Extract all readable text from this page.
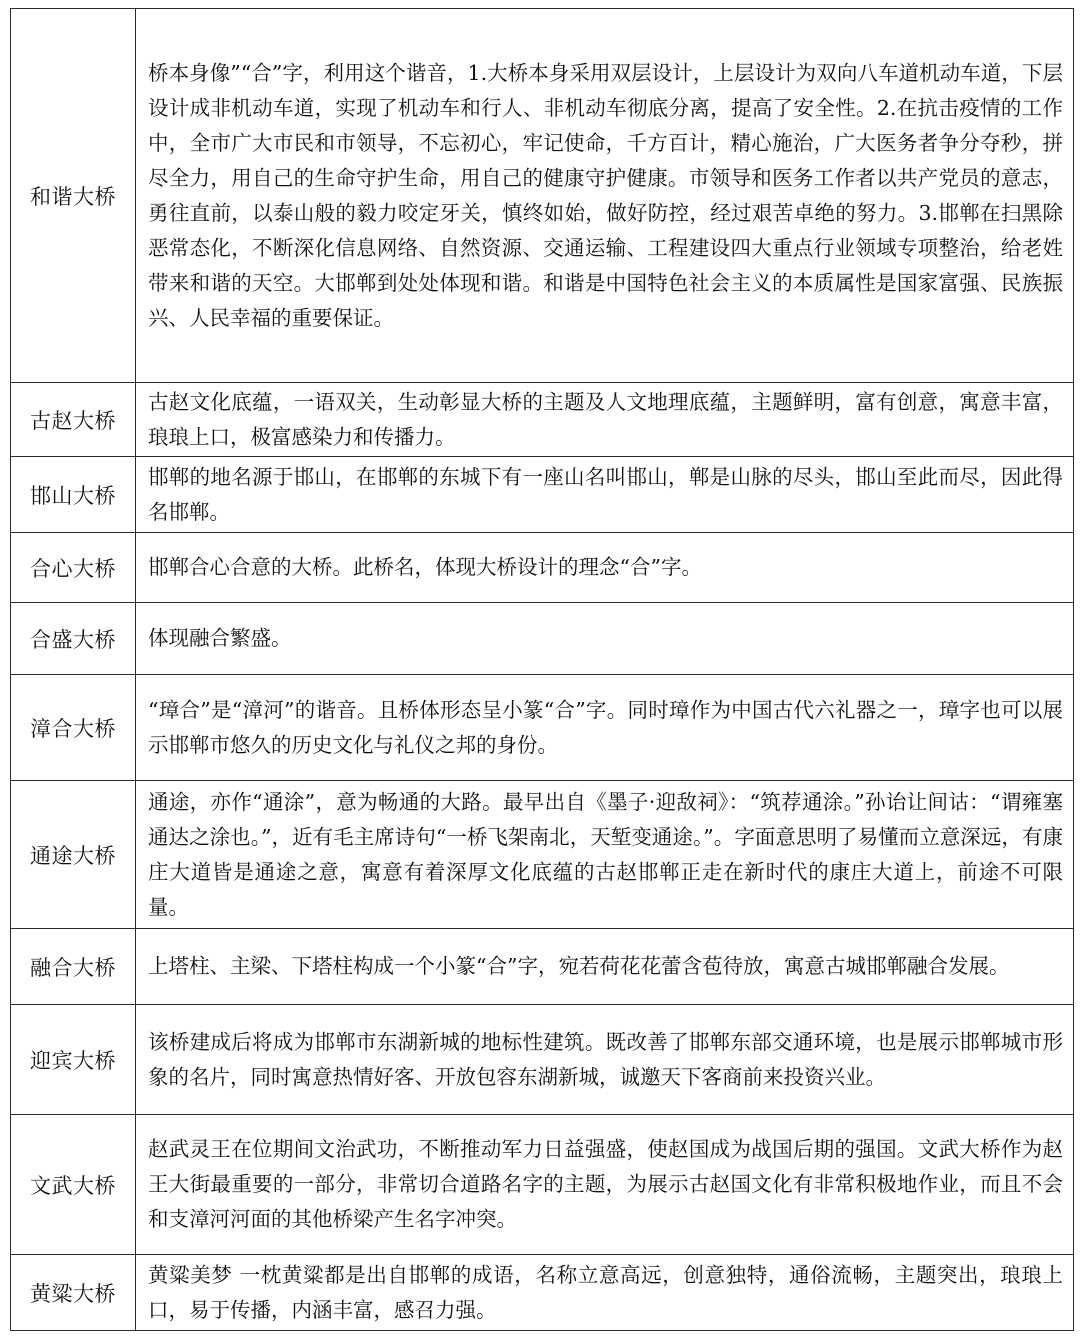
和谐大桥	桥本身像”“合”字，利用这个谐音，1.大桥本身采用双层设计，上层设计为双向八车道机动车道，下层设计成非机动车道，实现了机动车和行人、非机动车彻底分离，提高了安全性。2.在抗击疫情的工作中，全市广大市民和市领导，不忘初心，牢记使命，千方百计，精心施治，广大医务者争分夺秒，拼尽全力，用自己的生命守护生命，用自己的健康守护健康。市领导和医务工作者以共产党员的意志，勇往直前，以泰山般的毅力咬定牙关，慎终如始，做好防控，经过艰苦卓绝的努力。3.邯郸在扫黑除恶常态化，不断深化信息网络、自然资源、交通运输、工程建设四大重点行业领域专项整治，给老姓带来和谐的天空。大邯郸到处处体现和谐。和谐是中国特色社会主义的本质属性是国家富强、民族振兴、人民幸福的重要保证。
古赵大桥	古赵文化底蕴，一语双关，生动彰显大桥的主题及人文地理底蕴，主题鲜明，富有创意，寓意丰富，琅琅上口，极富感染力和传播力。
邯山大桥	邯郸的地名源于邯山，在邯郸的东城下有一座山名叫邯山，郸是山脉的尽头，邯山至此而尽，因此得名邯郸。
合心大桥	邯郸合心合意的大桥。此桥名，体现大桥设计的理念“合”字。
合盛大桥	体现融合繁盛。
漳合大桥	“璋合”是“漳河”的谐音。且桥体形态呈小篆“合”字。同时璋作为中国古代六礼器之一，璋字也可以展示邯郸市悠久的历史文化与礼仪之邦的身份。
通途大桥	通途，亦作“通涂”，意为畅通的大路。最早出自《墨子·迎敌祠》：“筑荐通涂。”孙诒让间诂：“谓雍塞通达之涂也。”，近有毛主席诗句“一桥飞架南北，天堑变通途。”。字面意思明了易懂而立意深远，有康庄大道皆是通途之意，寓意有着深厚文化底蕴的古赵邯郸正走在新时代的康庄大道上，前途不可限量。
融合大桥	上塔柱、主梁、下塔柱构成一个小篆“合”字，宛若荷花花蕾含苞待放，寓意古城邯郸融合发展。
迎宾大桥	该桥建成后将成为邯郸市东湖新城的地标性建筑。既改善了邯郸东部交通环境，也是展示邯郸城市形象的名片，同时寓意热情好客、开放包容东湖新城，诚邀天下客商前来投资兴业。
文武大桥	赵武灵王在位期间文治武功，不断推动军力日益强盛，使赵国成为战国后期的强国。文武大桥作为赵王大街最重要的一部分，非常切合道路名字的主题，为展示古赵国文化有非常积极地作业，而且不会和支漳河河面的其他桥梁产生名字冲突。
黄粱大桥	黄粱美梦 一枕黄粱都是出自邯郸的成语，名称立意高远，创意独特，通俗流畅，主题突出，琅琅上口，易于传播，内涵丰富，感召力强。
